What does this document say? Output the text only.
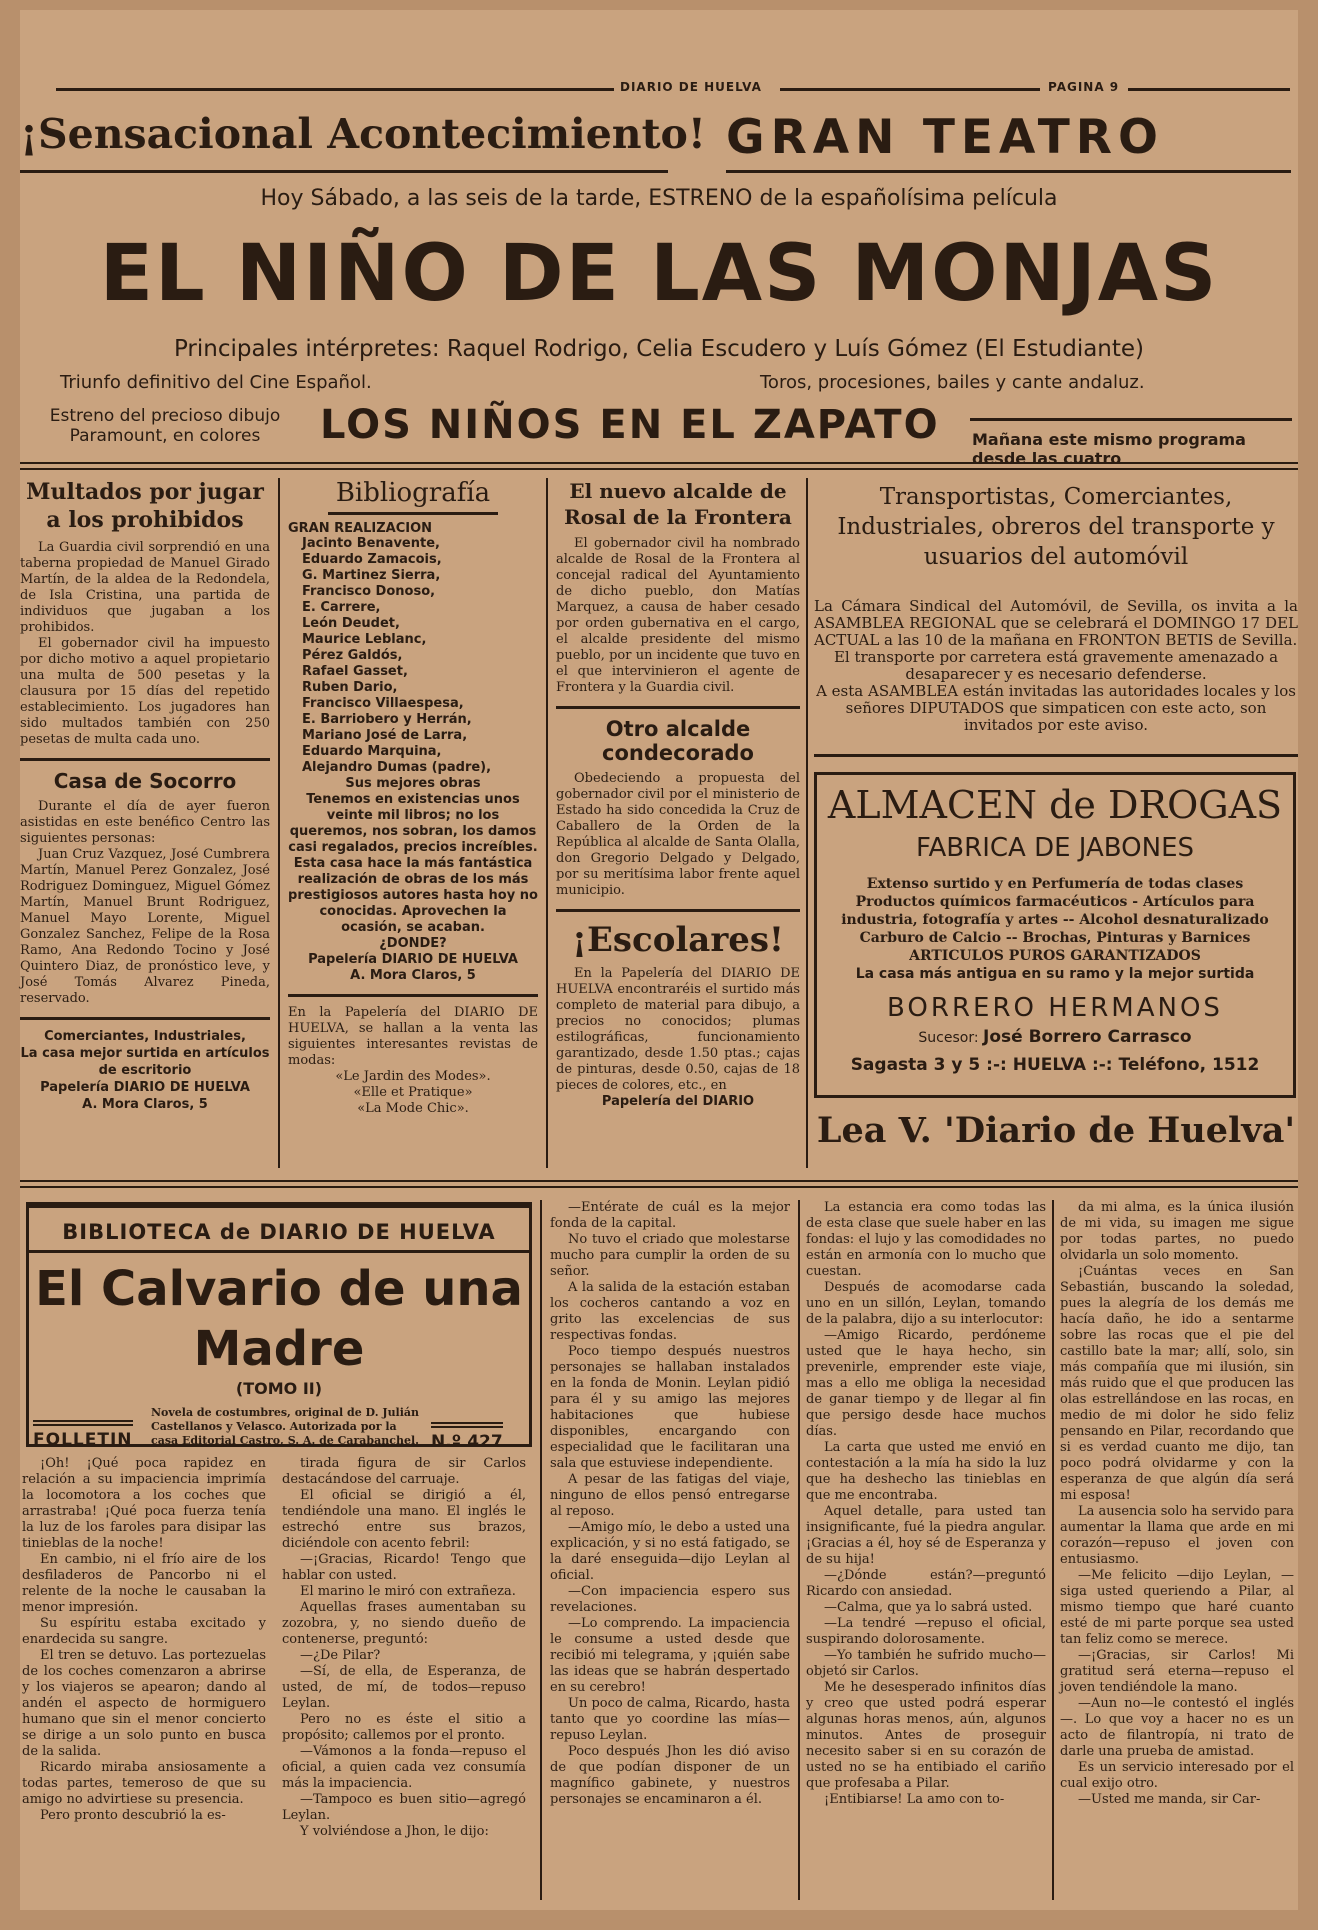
DIARIO DE HUELVA	PAGINA 9
¡Sensacional Acontecimiento! GRAN TEATRO
Hoy Sábado, a las seis de la tarde, ESTRENO de la españolísima película
EL NIÑO DE LAS MONJAS
Principales intérpretes: Raquel Rodrigo, Celia Escudero y Luís Gómez (El Estudiante)
Triunfo definitivo del Cine Español.	Toros, procesiones, bailes y cante andaluz.
Estreno del precioso dibujo
Paramount, en colores	LOS NIÑOS EN EL ZAPATO Mañana este mismo programa desde las cuatro
Multados por jugar a los prohibidos

La Guardia civil sorprendió en una taberna propiedad de Manuel Girado Martín, de la aldea de la Redondela, de Isla Cristina, una partida de individuos que jugaban a los prohibidos.

El gobernador civil ha impuesto por dicho motivo a aquel propietario una multa de 500 pesetas y la clausura por 15 días del repetido establecimiento. Los jugadores han sido multados también con 250 pesetas de multa cada uno.

Casa de Socorro

Durante el día de ayer fueron asistidas en este benéfico Centro las siguientes personas:

Juan Cruz Vazquez, José Cumbrera Martín, Manuel Perez Gonzalez, José Rodriguez Dominguez, Miguel Gómez Martín, Manuel Brunt Rodriguez, Manuel Mayo Lorente, Miguel Gonzalez Sanchez, Felipe de la Rosa Ramo, Ana Redondo Tocino y José Quintero Diaz, de pronóstico leve, y José Tomás Alvarez Pineda, reservado.

Comerciantes, Industriales,
La casa mejor surtida en artículos de escritorio
Papelería DIARIO DE HUELVA
A. Mora Claros, 5
Bibliografía
GRAN REALIZACION
Jacinto Benavente,
Eduardo Zamacois,
G. Martinez Sierra,
Francisco Donoso,
E. Carrere,
León Deudet,
Maurice Leblanc,
Pérez Galdós,
Rafael Gasset,
Ruben Dario,
Francisco Villaespesa,
E. Barriobero y Herrán,
Mariano José de Larra,
Eduardo Marquina,
Alejandro Dumas (padre),
Sus mejores obras
Tenemos en existencias unos veinte mil libros; no los queremos, nos sobran, los damos casi regalados, precios increíbles.
Esta casa hace la más fantástica realización de obras de los más prestigiosos autores hasta hoy no conocidas. Aprovechen la ocasión, se acaban.
¿DONDE?
Papelería DIARIO DE HUELVA
A. Mora Claros, 5
En la Papelería del DIARIO DE HUELVA, se hallan a la venta las siguientes interesantes revistas de modas:
«Le Jardin des Modes».
«Elle et Pratique»
«La Mode Chic».
El nuevo alcalde de Rosal de la Frontera

El gobernador civil ha nombrado alcalde de Rosal de la Frontera al concejal radical del Ayuntamiento de dicho pueblo, don Matías Marquez, a causa de haber cesado por orden gubernativa en el cargo, el alcalde presidente del mismo pueblo, por un incidente que tuvo en el que intervinieron el agente de Frontera y la Guardia civil.

Otro alcalde condecorado

Obedeciendo a propuesta del gobernador civil por el ministerio de Estado ha sido concedida la Cruz de Caballero de la Orden de la República al alcalde de Santa Olalla, don Gregorio Delgado y Delgado, por su meritísima labor frente aquel municipio.

¡Escolares!

En la Papelería del DIARIO DE HUELVA encontraréis el surtido más completo de material para dibujo, a precios no conocidos; plumas estilográficas, funcionamiento garantizado, desde 1.50 ptas.; cajas de pinturas, desde 0.50, cajas de 18 pieces de colores, etc., en

Papelería del DIARIO
Transportistas, Comerciantes, Industriales, obreros del transporte y usuarios del automóvil
La Cámara Sindical del Automóvil, de Sevilla, os invita a la ASAMBLEA REGIONAL que se celebrará el DOMINGO 17 DEL ACTUAL a las 10 de la mañana en FRONTON BETIS de Sevilla.
El transporte por carretera está gravemente amenazado a desaparecer y es necesario defenderse.
A esta ASAMBLEA están invitadas las autoridades locales y los señores DIPUTADOS que simpaticen con este acto, son invitados por este aviso.
ALMACEN de DROGAS
FABRICA DE JABONES
Extenso surtido y en Perfumería de todas clases
Productos químicos farmacéuticos - Artículos para
industria, fotografía y artes -- Alcohol desnaturalizado
Carburo de Calcio -- Brochas, Pinturas y Barnices
ARTICULOS PUROS GARANTIZADOS
La casa más antigua en su ramo y la mejor surtida
BORRERO HERMANOS
Sucesor: José Borrero Carrasco
Sagasta 3 y 5 :-: HUELVA :-: Teléfono, 1512
Lea V. 'Diario de Huelva'
BIBLIOTECA de DIARIO DE HUELVA
El Calvario de una Madre
(TOMO II)
FOLLETIN
Novela de costumbres, original de D. Julián Castellanos y Velasco. Autorizada por la casa Editorial Castro, S. A. de Carabanchel. N.º 427

¡Oh! ¡Qué poca rapidez en relación a su impaciencia imprimía la locomotora a los coches que arrastraba! ¡Qué poca fuerza tenía la luz de los faroles para disipar las tinieblas de la noche!

En cambio, ni el frío aire de los desfiladeros de Pancorbo ni el relente de la noche le causaban la menor impresión.

Su espíritu estaba excitado y enardecida su sangre.

El tren se detuvo. Las portezuelas de los coches comenzaron a abrirse y los viajeros se apearon; dando al andén el aspecto de hormiguero humano que sin el menor concierto se dirige a un solo punto en busca de la salida.

Ricardo miraba ansiosamente a todas partes, temeroso de que su amigo no advirtiese su presencia.

Pero pronto descubrió la es-

tirada figura de sir Carlos destacándose del carruaje.

El oficial se dirigió a él, tendiéndole una mano. El inglés le estrechó entre sus brazos, diciéndole con acento febril:

—¡Gracias, Ricardo! Tengo que hablar con usted.

El marino le miró con extrañeza.

Aquellas frases aumentaban su zozobra, y, no siendo dueño de contenerse, preguntó:

—¿De Pilar?

—Sí, de ella, de Esperanza, de usted, de mí, de todos—repuso Leylan.

Pero no es éste el sitio a propósito; callemos por el pronto.

—Vámonos a la fonda—repuso el oficial, a quien cada vez consumía más la impaciencia.

—Tampoco es buen sitio—agregó Leylan.

Y volviéndose a Jhon, le dijo:

—Entérate de cuál es la mejor fonda de la capital.

No tuvo el criado que molestarse mucho para cumplir la orden de su señor.

A la salida de la estación estaban los cocheros cantando a voz en grito las excelencias de sus respectivas fondas.

Poco tiempo después nuestros personajes se hallaban instalados en la fonda de Monin. Leylan pidió para él y su amigo las mejores habitaciones que hubiese disponibles, encargando con especialidad que le facilitaran una sala que estuviese independiente.

A pesar de las fatigas del viaje, ninguno de ellos pensó entregarse al reposo.

—Amigo mío, le debo a usted una explicación, y si no está fatigado, se la daré enseguida—dijo Leylan al oficial.

—Con impaciencia espero sus revelaciones.

—Lo comprendo. La impaciencia le consume a usted desde que recibió mi telegrama, y ¡quién sabe las ideas que se habrán despertado en su cerebro!

Un poco de calma, Ricardo, hasta tanto que yo coordine las mías—repuso Leylan.

Poco después Jhon les dió aviso de que podían disponer de un magnífico gabinete, y nuestros personajes se encaminaron a él.

La estancia era como todas las de esta clase que suele haber en las fondas: el lujo y las comodidades no están en armonía con lo mucho que cuestan.

Después de acomodarse cada uno en un sillón, Leylan, tomando de la palabra, dijo a su interlocutor:

—Amigo Ricardo, perdóneme usted que le haya hecho, sin prevenirle, emprender este viaje, mas a ello me obliga la necesidad de ganar tiempo y de llegar al fin que persigo desde hace muchos días.

La carta que usted me envió en contestación a la mía ha sido la luz que ha deshecho las tinieblas en que me encontraba.

Aquel detalle, para usted tan insignificante, fué la piedra angular. ¡Gracias a él, hoy sé de Esperanza y de su hija!

—¿Dónde están?—preguntó Ricardo con ansiedad.

—Calma, que ya lo sabrá usted.

—La tendré —repuso el oficial, suspirando dolorosamente.

—Yo también he sufrido mucho—objetó sir Carlos.

Me he desesperado infinitos días y creo que usted podrá esperar algunas horas menos, aún, algunos minutos. Antes de proseguir necesito saber si en su corazón de usted no se ha entibiado el cariño que profesaba a Pilar.

¡Entibiarse! La amo con to-

da mi alma, es la única ilusión de mi vida, su imagen me sigue por todas partes, no puedo olvidarla un solo momento.

¡Cuántas veces en San Sebastián, buscando la soledad, pues la alegría de los demás me hacía daño, he ido a sentarme sobre las rocas que el pie del castillo bate la mar; allí, solo, sin más compañía que mi ilusión, sin más ruido que el que producen las olas estrellándose en las rocas, en medio de mi dolor he sido feliz pensando en Pilar, recordando que si es verdad cuanto me dijo, tan poco podrá olvidarme y con la esperanza de que algún día será mi esposa!

La ausencia solo ha servido para aumentar la llama que arde en mi corazón—repuso el joven con entusiasmo.

—Me felicito —dijo Leylan, —siga usted queriendo a Pilar, al mismo tiempo que haré cuanto esté de mi parte porque sea usted tan feliz como se merece.

—¡Gracias, sir Carlos! Mi gratitud será eterna—repuso el joven tendiéndole la mano.

—Aun no—le contestó el inglés—. Lo que voy a hacer no es un acto de filantropía, ni trato de darle una prueba de amistad.

Es un servicio interesado por el cual exijo otro.

—Usted me manda, sir Car-
